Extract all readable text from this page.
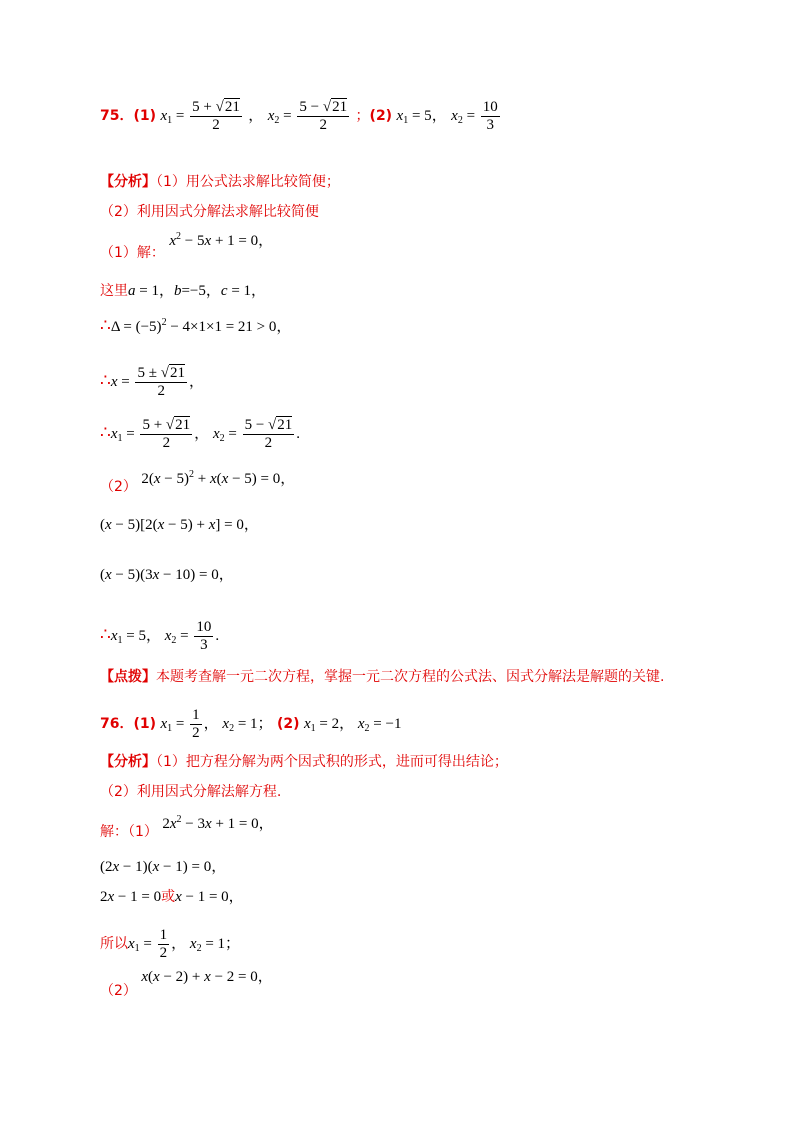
75．(1) $x_1 = \frac{5 + √21}{2}$ ， $x_2 = \frac{5 - √21}{2}$ ；(2) $x_1 = 5$， $x_2 = \frac{10}{3}$
【分析】（1）用公式法求解比较简便；
（2）利用因式分解法求解比较简便
（1）解： $x^2 - 5x + 1 = 0$，
这里a = 1，b=−5，c = 1，
∴Δ = $(-5)^2 - 4\times 1\times 1 = 21 > 0$，
∴x = $\frac{5 \pm √21}{2}$ ，
$\therefore x_1 = \frac{5 + √21}{2}$ ， $x_2 = \frac{5 - √21}{2}$ .
（2） $2(x - 5)^2 + x(x - 5) = 0$，
(x − 5)[2(x − 5) + x] = 0，
(x − 5)(3x − 10) = 0，
$\therefore x_1 = 5$， $x_2 = \frac{10}{3}$ .
【点拨】本题考查解一元二次方程，掌握一元二次方程的公式法、因式分解法是解题的关键.
76．(1) $x_1 = \frac{1}{2}$ ， $x_2 = 1$； (2) $x_1 = 2$， $x_2 = -1$
【分析】（1）把方程分解为两个因式积的形式，进而可得出结论；
（2）利用因式分解法解方程.
解：（1） $2x^2 - 3x + 1 = 0$，
(2x − 1)(x − 1) = 0，
2x − 1 = 0或x − 1 = 0，
所以$x_1 = \frac{1}{2}$ ， $x_2 = 1$；
（2） x(x − 2) + x − 2 = 0，
